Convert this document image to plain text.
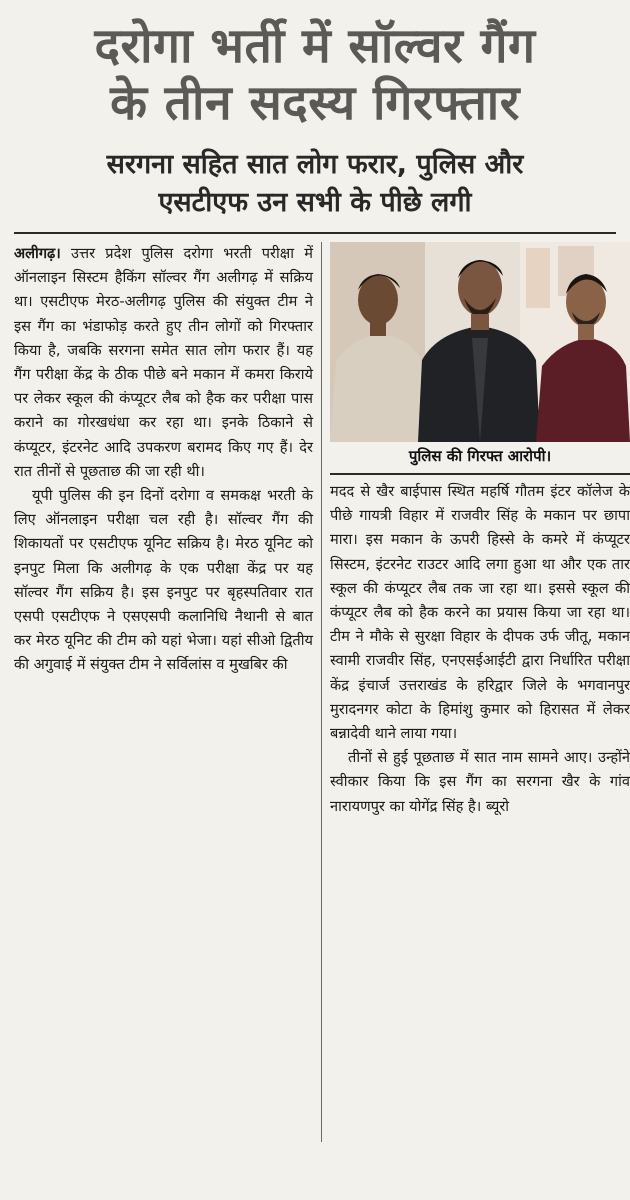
दरोगा भर्ती में सॉल्वर गैंग
के तीन सदस्य गिरफ्तार
सरगना सहित सात लोग फरार, पुलिस और
एसटीएफ उन सभी के पीछे लगी

अलीगढ़। उत्तर प्रदेश पुलिस दरोगा भरती परीक्षा में ऑनलाइन सिस्टम हैकिंग सॉल्वर गैंग अलीगढ़ में सक्रिय था। एसटीएफ मेरठ-अलीगढ़ पुलिस की संयुक्त टीम ने इस गैंग का भंडाफोड़ करते हुए तीन लोगों को गिरफ्तार किया है, जबकि सरगना समेत सात लोग फरार हैं। यह गैंग परीक्षा केंद्र के ठीक पीछे बने मकान में कमरा किराये पर लेकर स्कूल की कंप्यूटर लैब को हैक कर परीक्षा पास कराने का गोरखधंधा कर रहा था। इनके ठिकाने से कंप्यूटर, इंटरनेट आदि उपकरण बरामद किए गए हैं। देर रात तीनों से पूछताछ की जा रही थी।

यूपी पुलिस की इन दिनों दरोगा व समकक्ष भरती के लिए ऑनलाइन परीक्षा चल रही है। सॉल्वर गैंग की शिकायतों पर एसटीएफ यूनिट सक्रिय है। मेरठ यूनिट को इनपुट मिला कि अलीगढ़ के एक परीक्षा केंद्र पर यह सॉल्वर गैंग सक्रिय है। इस इनपुट पर बृहस्पतिवार रात एसपी एसटीएफ ने एसएसपी कलानिधि नैथानी से बात कर मेरठ यूनिट की टीम को यहां भेजा। यहां सीओ द्वितीय की अगुवाई में संयुक्त टीम ने सर्विलांस व मुखबिर की

पुलिस की गिरफ्त आरोपी।

मदद से खैर बाईपास स्थित महर्षि गौतम इंटर कॉलेज के पीछे गायत्री विहार में राजवीर सिंह के मकान पर छापा मारा। इस मकान के ऊपरी हिस्से के कमरे में कंप्यूटर सिस्टम, इंटरनेट राउटर आदि लगा हुआ था और एक तार स्कूल की कंप्यूटर लैब तक जा रहा था। इससे स्कूल की कंप्यूटर लैब को हैक करने का प्रयास किया जा रहा था। टीम ने मौके से सुरक्षा विहार के दीपक उर्फ जीतू, मकान स्वामी राजवीर सिंह, एनएसईआईटी द्वारा निर्धारित परीक्षा केंद्र इंचार्ज उत्तराखंड के हरिद्वार जिले के भगवानपुर मुरादनगर कोटा के हिमांशु कुमार को हिरासत में लेकर बन्नादेवी थाने लाया गया।

तीनों से हुई पूछताछ में सात नाम सामने आए। उन्होंने स्वीकार किया कि इस गैंग का सरगना खैर के गांव नारायणपुर का योगेंद्र सिंह है। ब्यूरो
